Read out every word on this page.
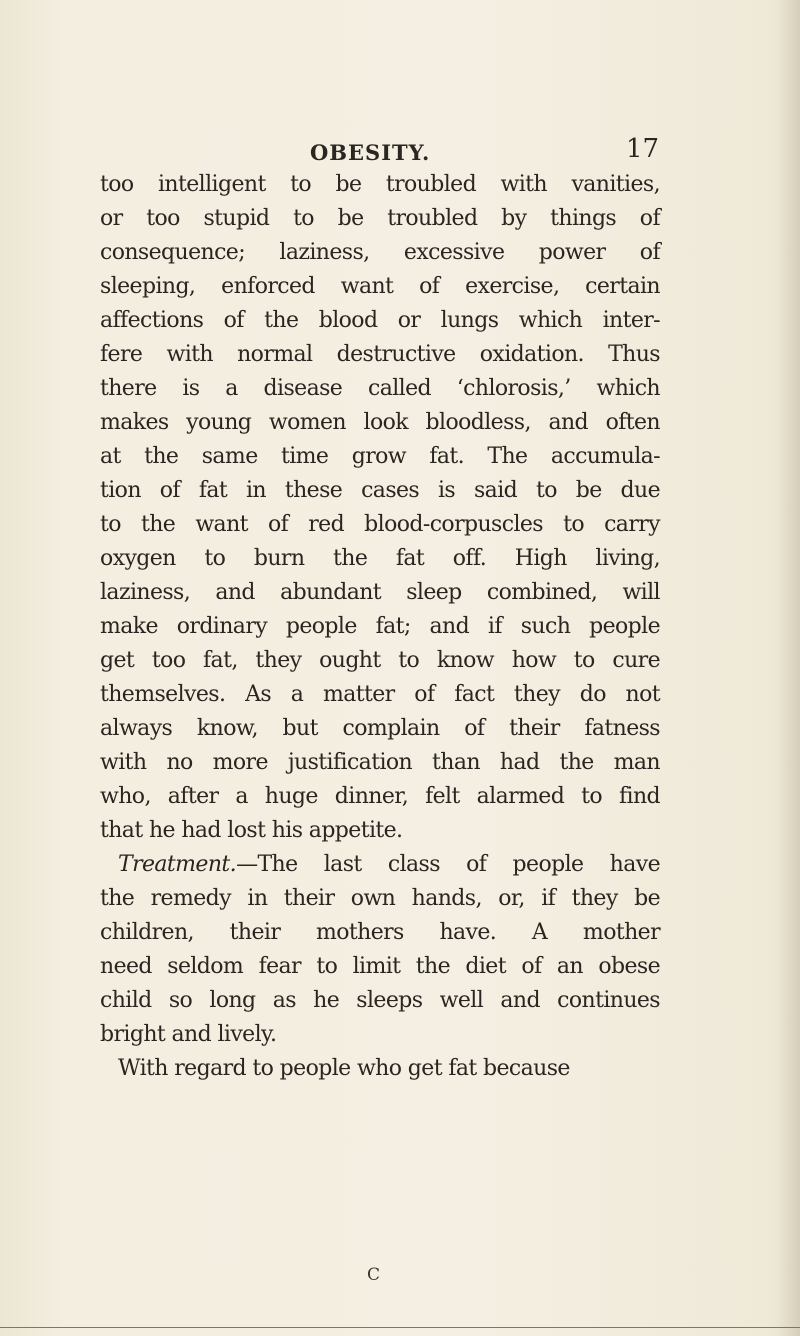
OBESITY.	17
too intelligent to be troubled with vanities,
or too stupid to be troubled by things of
consequence; laziness, excessive power of
sleeping, enforced want of exercise, certain
affections of the blood or lungs which inter-
fere with normal destructive oxidation. Thus
there is a disease called ‘chlorosis,’ which
makes young women look bloodless, and often
at the same time grow fat. The accumula-
tion of fat in these cases is said to be due
to the want of red blood-corpuscles to carry
oxygen to burn the fat off. High living,
laziness, and abundant sleep combined, will
make ordinary people fat; and if such people
get too fat, they ought to know how to cure
themselves. As a matter of fact they do not
always know, but complain of their fatness
with no more justification than had the man
who, after a huge dinner, felt alarmed to find
that he had lost his appetite.
Treatment.—The last class of people have
the remedy in their own hands, or, if they be
children, their mothers have. A mother
need seldom fear to limit the diet of an obese
child so long as he sleeps well and continues
bright and lively.
With regard to people who get fat because
C
